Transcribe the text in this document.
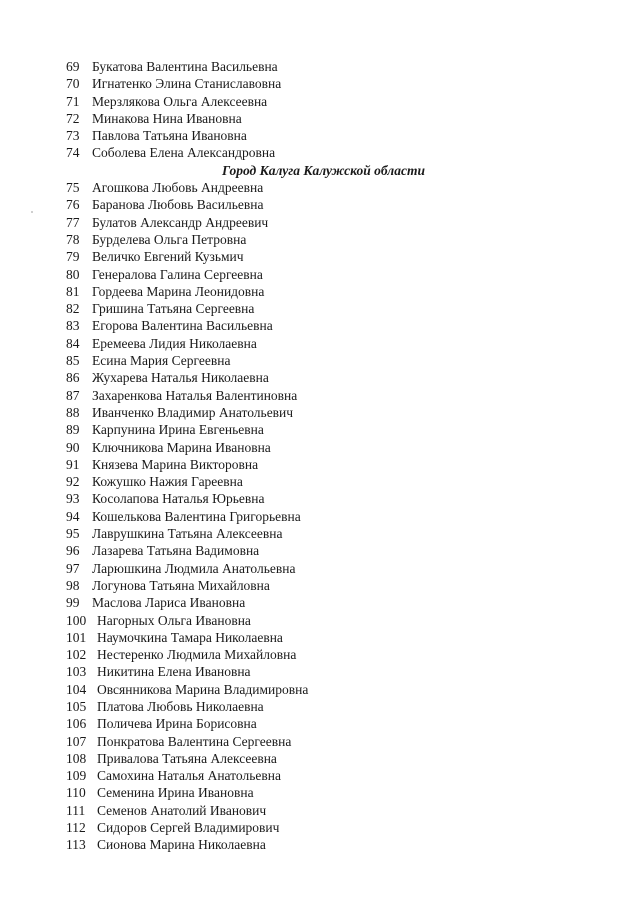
69 Букатова Валентина Васильевна
70 Игнатенко Элина Станиславовна
71 Мерзлякова Ольга Алексеевна
72 Минакова Нина Ивановна
73 Павлова Татьяна Ивановна
74 Соболева Елена Александровна
Город Калуга Калужской области
75 Агошкова Любовь Андреевна
76 Баранова Любовь Васильевна
77 Булатов Александр Андреевич
78 Бурделева Ольга Петровна
79 Величко Евгений Кузьмич
80 Генералова Галина Сергеевна
81 Гордеева Марина Леонидовна
82 Гришина Татьяна Сергеевна
83 Егорова Валентина Васильевна
84 Еремеева Лидия Николаевна
85 Есина Мария Сергеевна
86 Жухарева Наталья Николаевна
87 Захаренкова Наталья Валентиновна
88 Иванченко Владимир Анатольевич
89 Карпунина Ирина Евгеньевна
90 Ключникова Марина Ивановна
91 Князева Марина Викторовна
92 Кожушко Нажия Гареевна
93 Косолапова Наталья Юрьевна
94 Кошелькова Валентина Григорьевна
95 Лаврушкина Татьяна Алексеевна
96 Лазарева Татьяна Вадимовна
97 Ларюшкина Людмила Анатольевна
98 Логунова Татьяна Михайловна
99 Маслова Лариса Ивановна
100 Нагорных Ольга Ивановна
101 Наумочкина Тамара Николаевна
102 Нестеренко Людмила Михайловна
103 Никитина Елена Ивановна
104 Овсянникова Марина Владимировна
105 Платова Любовь Николаевна
106 Поличева Ирина Борисовна
107 Понкратова Валентина Сергеевна
108 Привалова Татьяна Алексеевна
109 Самохина Наталья Анатольевна
110 Семенина Ирина Ивановна
111 Семенов Анатолий Иванович
112 Сидоров Сергей Владимирович
113 Сионова Марина Николаевна
